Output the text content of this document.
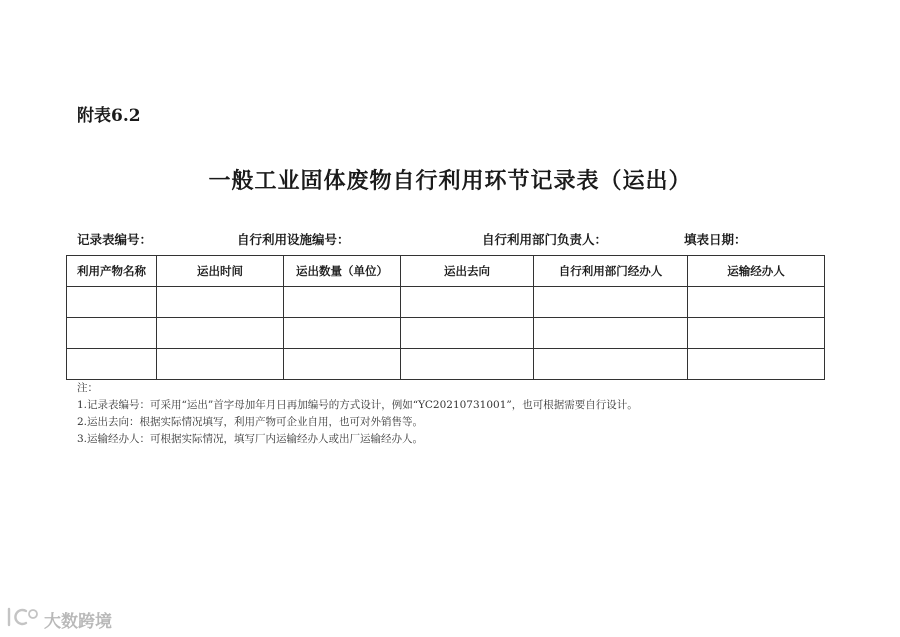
附表6.2
一般工业固体废物自行利用环节记录表（运出）
记录表编号：	自行利用设施编号：	自行利用部门负责人：	填表日期：
利用产物名称	运出时间	运出数量（单位）	运出去向	自行利用部门经办人	运输经办人

注：
1.记录表编号：可采用“运出”首字母加年月日再加编号的方式设计，例如“YC20210731001”，也可根据需要自行设计。
2.运出去向：根据实际情况填写，利用产物可企业自用，也可对外销售等。
3.运输经办人：可根据实际情况，填写厂内运输经办人或出厂运输经办人。
大数跨境
